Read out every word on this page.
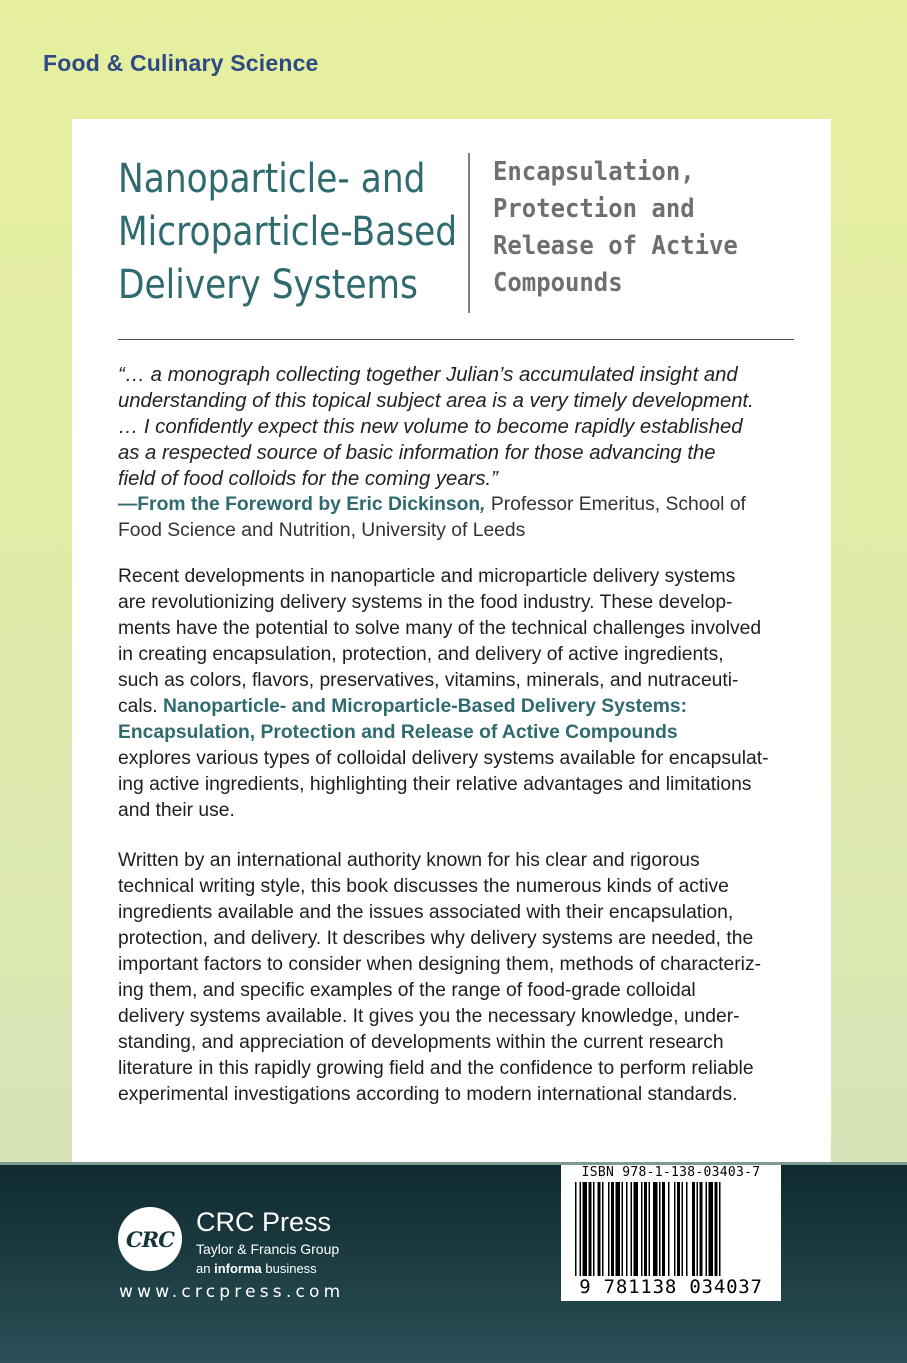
Food & Culinary Science
Nanoparticle- and
Microparticle-Based
Delivery Systems
Encapsulation,
Protection and
Release of Active
Compounds

“… a monograph collecting together Julian’s accumulated insight and understanding of this topical subject area is a very timely development.

… I confidently expect this new volume to become rapidly established as a respected source of basic information for those advancing the field of food colloids for the coming years.”

—From the Foreword by Eric Dickinson, Professor Emeritus, School of Food Science and Nutrition, University of Leeds
Recent developments in nanoparticle and microparticle delivery systems
are revolutionizing delivery systems in the food industry. These develop-
ments have the potential to solve many of the technical challenges involved
in creating encapsulation, protection, and delivery of active ingredients,
such as colors, flavors, preservatives, vitamins, minerals, and nutraceuti-
cals. Nanoparticle- and Microparticle-Based Delivery Systems:
Encapsulation, Protection and Release of Active Compounds
explores various types of colloidal delivery systems available for encapsulat-
ing active ingredients, highlighting their relative advantages and limitations
and their use.
Written by an international authority known for his clear and rigorous
technical writing style, this book discusses the numerous kinds of active
ingredients available and the issues associated with their encapsulation,
protection, and delivery. It describes why delivery systems are needed, the
important factors to consider when designing them, methods of characteriz-
ing them, and specific examples of the range of food-grade colloidal
delivery systems available. It gives you the necessary knowledge, under-
standing, and appreciation of developments within the current research
literature in this rapidly growing field and the confidence to perform reliable
experimental investigations according to modern international standards.
CRC
CRC Press
Taylor & Francis Group
an informa business
www.crcpress.com
ISBN 978-1-138-03403-7
9 781138 034037
